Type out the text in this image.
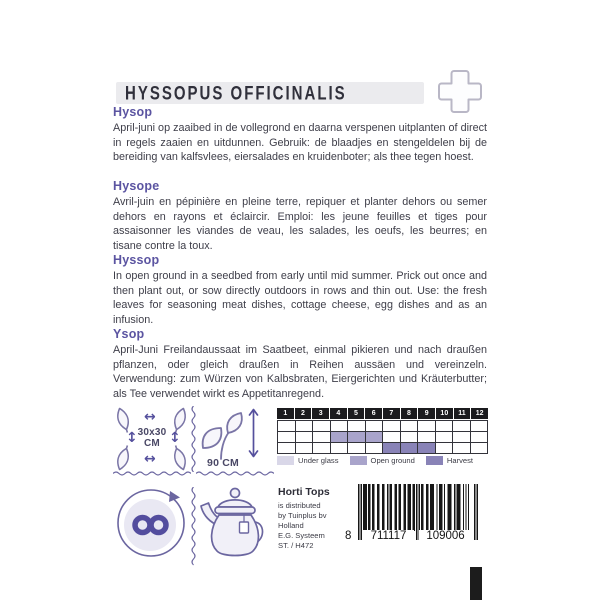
HYSSOPUS OFFICINALIS
Hysop

April-juni op zaaibed in de vollegrond en daarna verspenen uitplanten of direct in regels zaaien en uitdunnen. Gebruik: de blaadjes en stengeldelen bij de bereiding van kalfsvlees, eiersalades en kruidenboter; als thee tegen hoest.

Hysope

Avril-juin en pépinière en pleine terre, repiquer et planter dehors ou semer dehors en rayons et éclaircir. Emploi: les jeune feuilles et tiges pour assaisonner les viandes de veau, les salades, les oeufs, les beurres; en tisane contre la toux.

Hyssop

In open ground in a seedbed from early until mid summer. Prick out once and then plant out, or sow directly outdoors in rows and thin out. Use: the fresh leaves for seasoning meat dishes, cottage cheese, egg dishes and as an infusion.

Ysop

April-Juni Freilandaussaat im Saatbeet, einmal pikieren und nach draußen pflanzen, oder gleich draußen in Reihen aussäen und vereinzeln. Verwendung: zum Würzen von Kalbsbraten, Eiergerichten und Kräuterbutter; als Tee verwendet wirkt es Appetitanregend.

↔
↔
↕ ↕
30x30
CM
90 CM
1	2	3	4	5	6	7	8	9	10	11	12
Under glass	Open ground	Harvest
Horti Tops
is distributed
by Tuinplus bv
Holland
E.G. Systeem
ST. / H472
8	711117	109006
